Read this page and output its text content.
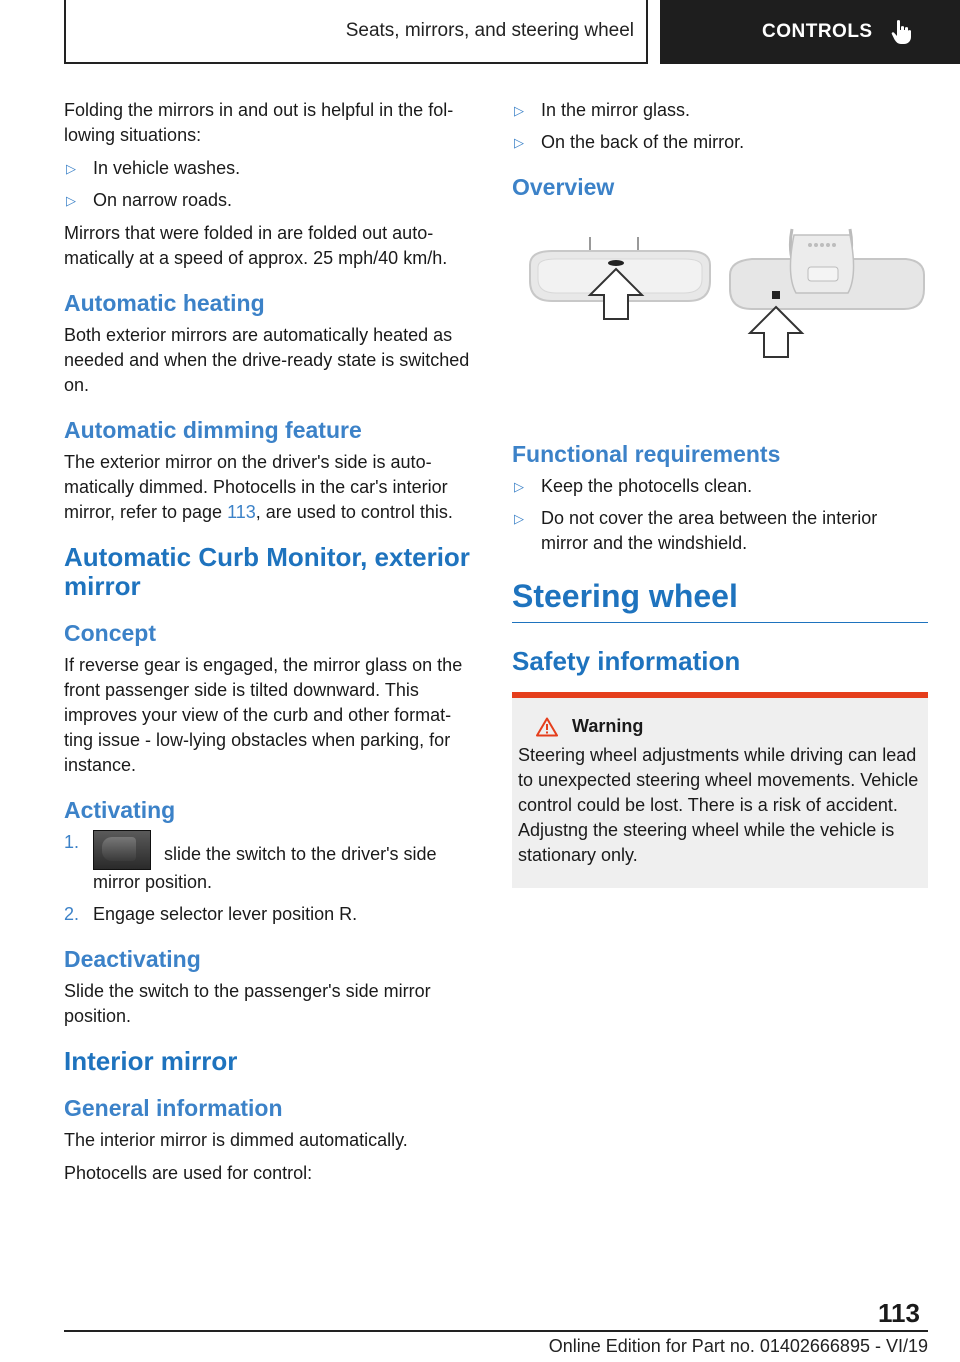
Seats, mirrors, and steering wheel	CONTROLS

Folding the mirrors in and out is helpful in the fol‐lowing situations:

▷ In vehicle washes.
▷ On narrow roads.

Mirrors that were folded in are folded out auto‐matically at a speed of approx. 25 mph/40 km/h.

Automatic heating

Both exterior mirrors are automatically heated as needed and when the drive-ready state is switched on.

Automatic dimming feature

The exterior mirror on the driver's side is auto‐matically dimmed. Photocells in the car's interior mirror, refer to page 113, are used to control this.

Automatic Curb Monitor, exterior mirror
Concept

If reverse gear is engaged, the mirror glass on the front passenger side is tilted downward. This improves your view of the curb and other format‐ting issue - low-lying obstacles when parking, for instance.

Activating
1.
slide the switch to the driver's side mirror position.
2. Engage selector lever position R.
Deactivating

Slide the switch to the passenger's side mirror position.

Interior mirror
General information

The interior mirror is dimmed automatically.

Photocells are used for control:

▷ In the mirror glass.
▷ On the back of the mirror.
Overview
Functional requirements
▷ Keep the photocells clean.
▷ Do not cover the area between the interior mirror and the windshield.
Steering wheel
Safety information
Warning

Steering wheel adjustments while driving can lead to unexpected steering wheel movements. Vehicle control could be lost. There is a risk of accident. Adjustng the steering wheel while the vehicle is stationary only.

113
Online Edition for Part no. 01402666895 - VI/19
